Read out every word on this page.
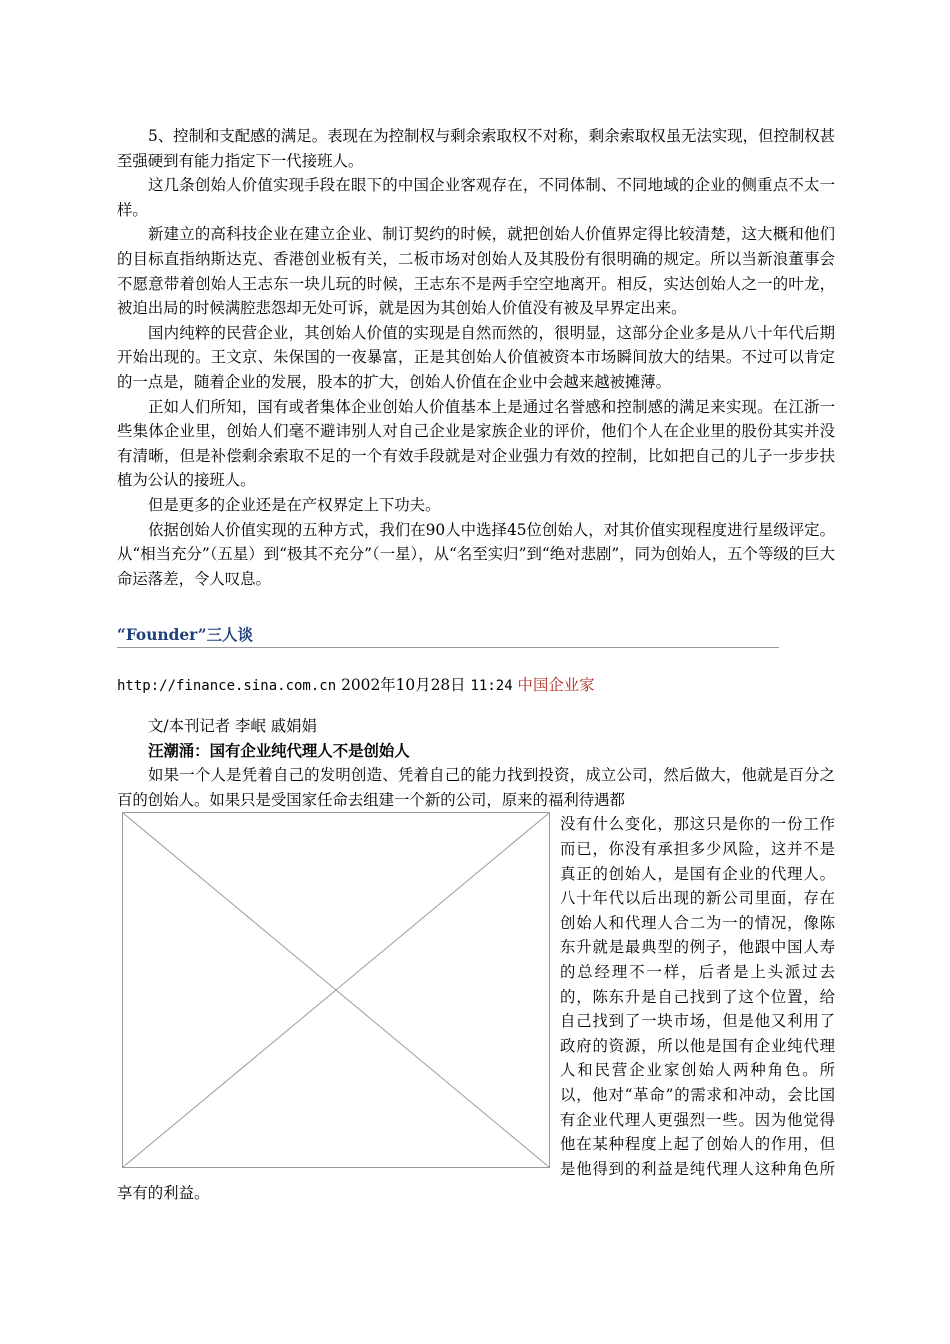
5、控制和支配感的满足。表现在为控制权与剩余索取权不对称，剩余索取权虽无法实现，但控制权甚至强硬到有能力指定下一代接班人。

这几条创始人价值实现手段在眼下的中国企业客观存在，不同体制、不同地域的企业的侧重点不太一样。

新建立的高科技企业在建立企业、制订契约的时候，就把创始人价值界定得比较清楚，这大概和他们的目标直指纳斯达克、香港创业板有关，二板市场对创始人及其股份有很明确的规定。所以当新浪董事会不愿意带着创始人王志东一块儿玩的时候，王志东不是两手空空地离开。相反，实达创始人之一的叶龙，被迫出局的时候满腔悲怨却无处可诉，就是因为其创始人价值没有被及早界定出来。

国内纯粹的民营企业，其创始人价值的实现是自然而然的，很明显，这部分企业多是从八十年代后期开始出现的。王文京、朱保国的一夜暴富，正是其创始人价值被资本市场瞬间放大的结果。不过可以肯定的一点是，随着企业的发展，股本的扩大，创始人价值在企业中会越来越被摊薄。

正如人们所知，国有或者集体企业创始人价值基本上是通过名誉感和控制感的满足来实现。在江浙一些集体企业里，创始人们毫不避讳别人对自己企业是家族企业的评价，他们个人在企业里的股份其实并没有清晰，但是补偿剩余索取不足的一个有效手段就是对企业强力有效的控制，比如把自己的儿子一步步扶植为公认的接班人。

但是更多的企业还是在产权界定上下功夫。

依据创始人价值实现的五种方式，我们在90人中选择45位创始人，对其价值实现程度进行星级评定。从“相当充分”（五星）到“极其不充分”（一星），从“名至实归”到“绝对悲剧”，同为创始人，五个等级的巨大命运落差，令人叹息。

“Founder”三人谈
http://finance.sina.com.cn 2002年10月28日 11:24 中国企业家

文/本刊记者 李岷 戚娟娟

汪潮涌：国有企业纯代理人不是创始人

如果一个人是凭着自己的发明创造、凭着自己的能力找到投资，成立公司，然后做大，他就是百分之百的创始人。如果只是受国家任命去组建一个新的公司，原来的福利待遇都

没有什么变化，那这只是你的一份工作而已，你没有承担多少风险，这并不是真正的创始人，是国有企业的代理人。八十年代以后出现的新公司里面，存在创始人和代理人合二为一的情况，像陈东升就是最典型的例子，他跟中国人寿的总经理不一样，后者是上头派过去的，陈东升是自己找到了这个位置，给自己找到了一块市场，但是他又利用了政府的资源，所以他是国有企业纯代理人和民营企业家创始人两种角色。所以，他对“革命”的需求和冲动，会比国有企业代理人更强烈一些。因为他觉得他在某种程度上起了创始人的作用，但是他得到的利益是纯代理人这种角色所享有的利益。
